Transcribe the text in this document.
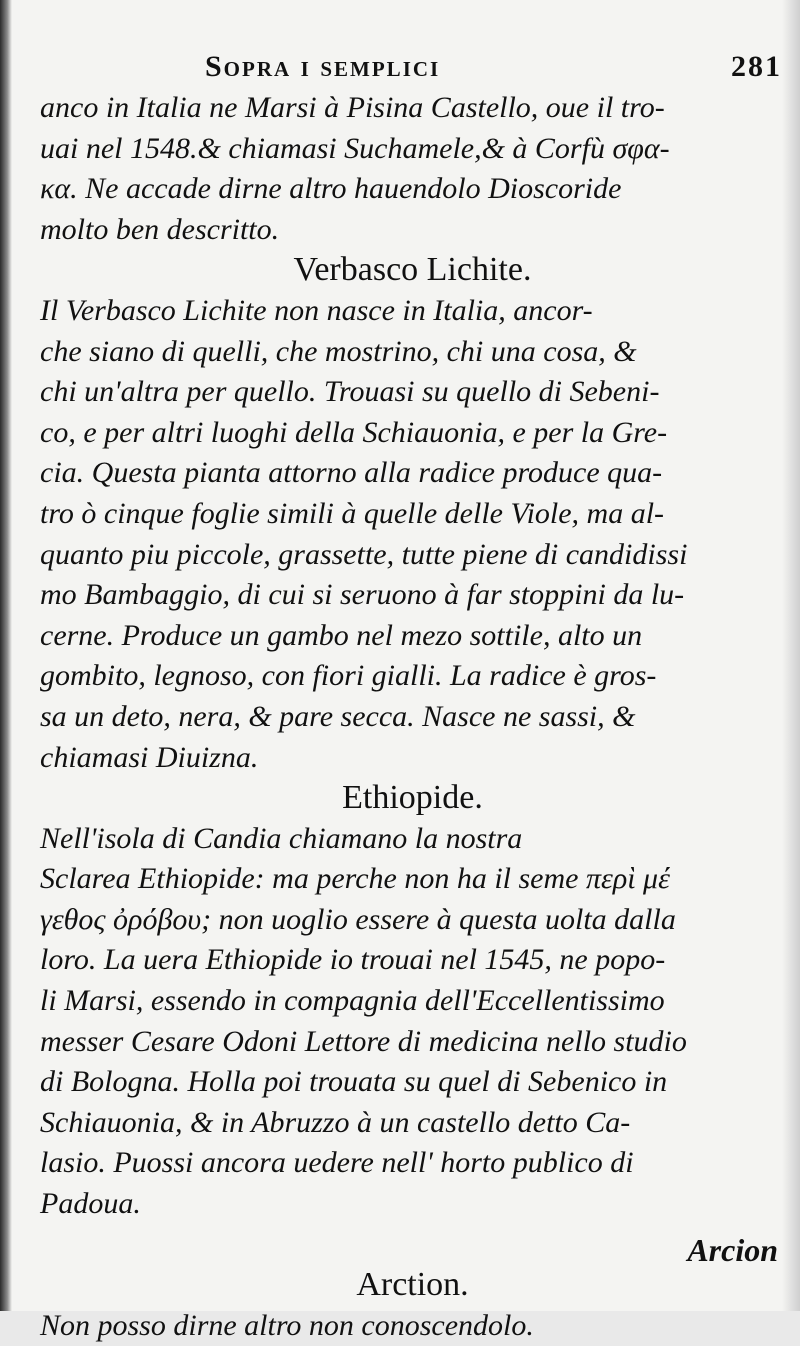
Sopra i semplici	281
anco in Italia ne Marsi à Pisina Castello, oue il tro-
uai nel 1548.& chiamasi Suchamele,& à Corfù σφα-
κα. Ne accade dirne altro hauendolo Dioscoride
molto ben descritto.
Verbasco Lichite.
Il Verbasco Lichite non nasce in Italia, ancor-
che siano di quelli, che mostrino, chi una cosa, &
chi un'altra per quello. Trouasi su quello di Sebeni-
co, e per altri luoghi della Schiauonia, e per la Gre-
cia. Questa pianta attorno alla radice produce qua-
tro ò cinque foglie simili à quelle delle Viole, ma al-
quanto piu piccole, grassette, tutte piene di candidissi
mo Bambaggio, di cui si seruono à far stoppini da lu-
cerne. Produce un gambo nel mezo sottile, alto un
gombito, legnoso, con fiori gialli. La radice è gros-
sa un deto, nera, & pare secca. Nasce ne sassi, &
chiamasi Diuizna.
Ethiopide.
Nell'isola di Candia chiamano la nostra
Sclarea Ethiopide: ma perche non ha il seme περὶ μέ
γεθος ὀρόβου; non uoglio essere à questa uolta dalla
loro. La uera Ethiopide io trouai nel 1545, ne popo-
li Marsi, essendo in compagnia dell'Eccellentissimo
messer Cesare Odoni Lettore di medicina nello studio
di Bologna. Holla poi trouata su quel di Sebenico in
Schiauonia, & in Abruzzo à un castello detto Ca-
lasio. Puossi ancora uedere nell' horto publico di
Padoua.
Arction.
Non posso dirne altro non conoscendolo.
Arcion
